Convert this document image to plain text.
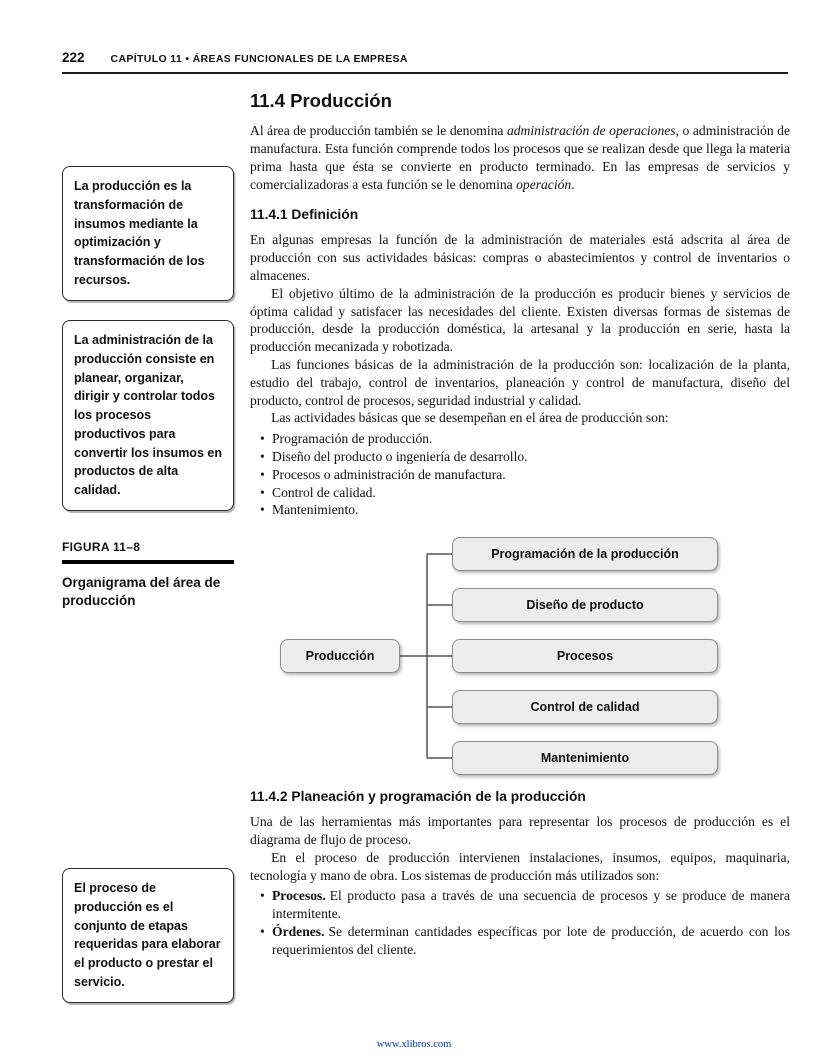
222 CAPÍTULO 11 • ÁREAS FUNCIONALES DE LA EMPRESA
La producción es la transformación de insumos mediante la optimización y transformación de los recursos.
La administración de la producción consiste en planear, organizar, dirigir y controlar todos los procesos productivos para convertir los insumos en productos de alta calidad.
FIGURA 11–8
Organigrama del área de producción
El proceso de producción es el conjunto de etapas requeridas para elaborar el producto o prestar el servicio.
11.4 Producción

Al área de producción también se le denomina administración de operaciones, o administración de manufactura. Esta función comprende todos los procesos que se realizan desde que llega la materia prima hasta que ésta se convierte en producto terminado. En las empresas de servicios y comercializadoras a esta función se le denomina operación.

11.4.1 Definición

En algunas empresas la función de la administración de materiales está adscrita al área de producción con sus actividades básicas: compras o abastecimientos y control de inventarios o almacenes.

El objetivo último de la administración de la producción es producir bienes y servicios de óptima calidad y satisfacer las necesidades del cliente. Existen diversas formas de sistemas de producción, desde la producción doméstica, la artesanal y la producción en serie, hasta la producción mecanizada y robotizada.

Las funciones básicas de la administración de la producción son: localización de la planta, estudio del trabajo, control de inventarios, planeación y control de manufactura, diseño del producto, control de procesos, seguridad industrial y calidad.

Las actividades básicas que se desempeñan en el área de producción son:

• Programación de producción.
• Diseño del producto o ingeniería de desarrollo.
• Procesos o administración de manufactura.
• Control de calidad.
• Mantenimiento.
Producción
Programación de la producción
Diseño de producto
Procesos
Control de calidad
Mantenimiento
11.4.2 Planeación y programación de la producción

Una de las herramientas más importantes para representar los procesos de producción es el diagrama de flujo de proceso.

En el proceso de producción intervienen instalaciones, insumos, equipos, maquinaria, tecnología y mano de obra. Los sistemas de producción más utilizados son:

• Procesos. El producto pasa a través de una secuencia de procesos y se produce de manera intermitente.
• Órdenes. Se determinan cantidades específicas por lote de producción, de acuerdo con los requerimientos del cliente.
www.xlibros.com
